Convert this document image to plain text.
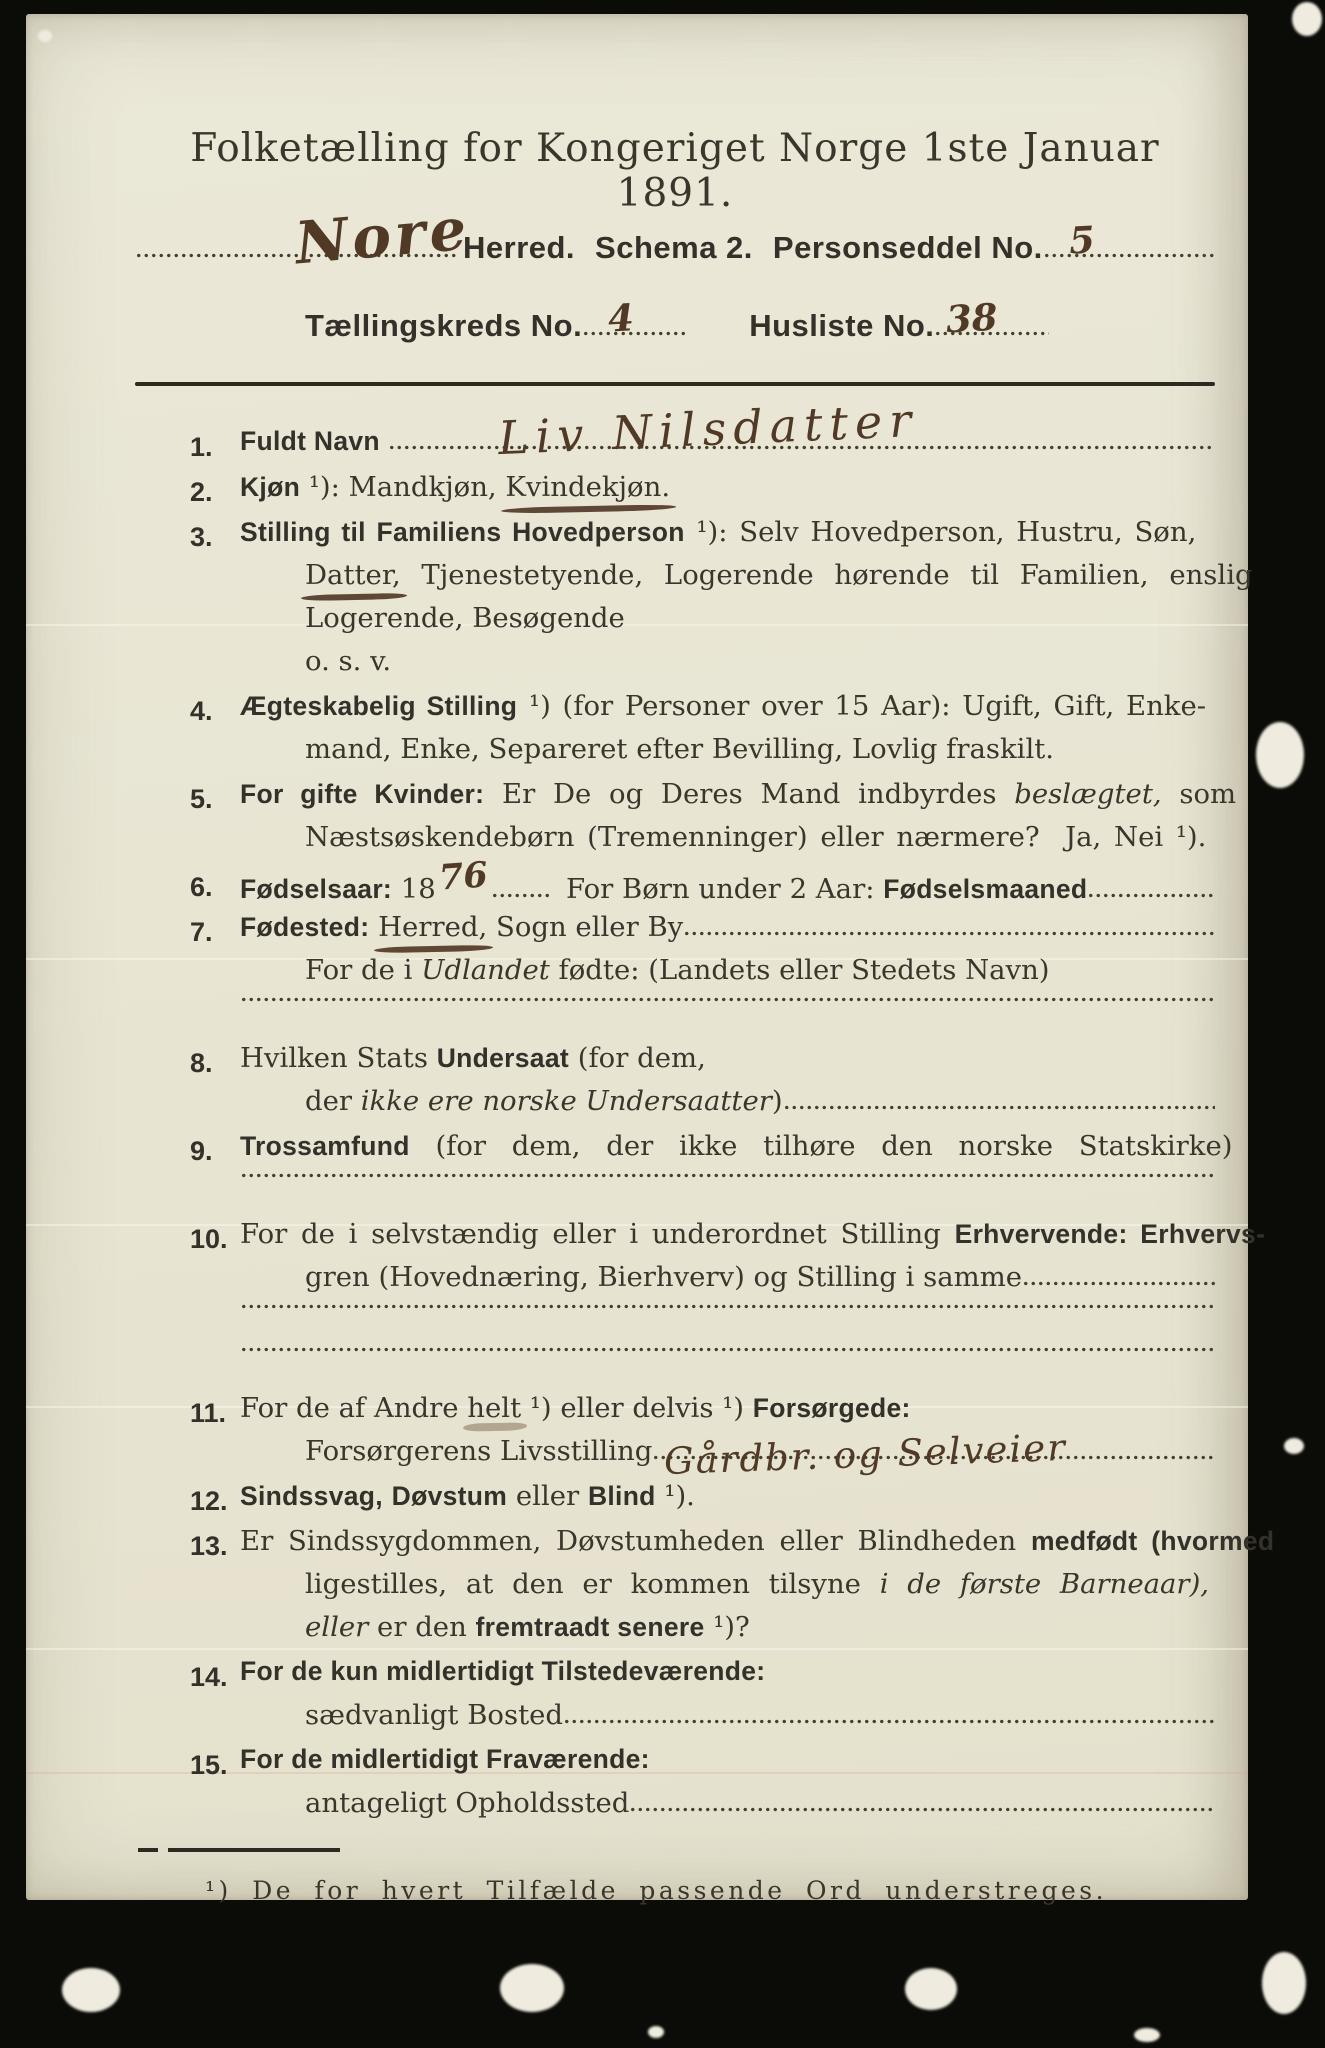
Folketælling for Kongeriget Norge 1ste Januar 1891.
Nore
Herred. Schema 2. Personseddel No. 5
Tællingskreds No. 4	Husliste No. 38
1.	Fuldt Navn Liv Nilsdatter
2.	Kjøn ¹): Mandkjøn, Kvindekjøn.
3.	Stilling til Familiens Hovedperson ¹): Selv Hovedperson, Hustru, Søn,
Datter, Tjenestetyende, Logerende hørende til Familien, enslig
Logerende, Besøgende
o. s. v.
4.	Ægteskabelig Stilling ¹) (for Personer over 15 Aar): Ugift, Gift, Enke-
mand, Enke, Separeret efter Bevilling, Lovlig fraskilt.
5.	For gifte Kvinder: Er De og Deres Mand indbyrdes beslægtet, som
Næstsøskendebørn (Tremenninger) eller nærmere?  Ja, Nei ¹).
6.	Fødselsaar: 18 76 For Børn under 2 Aar: Fødselsmaaned
7.	Fødested:
Herred, Sogn eller By
For de i Udlandet fødte: (Landets eller Stedets Navn)
8. Hvilken Stats Undersaat (for dem,
der ikke ere norske Undersaatter )
9.	Trossamfund (for dem, der ikke tilhøre den norske Statskirke)
10. For de i selvstændig eller i underordnet Stilling Erhvervende: Erhvervs-
gren (Hovednæring, Bierhverv) og Stilling i samme
11. For de af Andre helt ¹) eller delvis ¹) Forsørgede:
Forsørgerens Livsstilling Gårdbr. og Selveier
12. Sindssvag,
Døvstum eller Blind ¹).
13. Er Sindssygdommen, Døvstumheden eller Blindheden medfødt (hvormed
ligestilles, at den er kommen tilsyne i de første Barneaar),
eller er den fremtraadt senere ¹)?
14. For de kun midlertidigt Tilstedeværende:
sædvanligt Bosted
15. For de midlertidigt Fraværende:
antageligt Opholdssted
¹) De for hvert Tilfælde passende Ord understreges.
